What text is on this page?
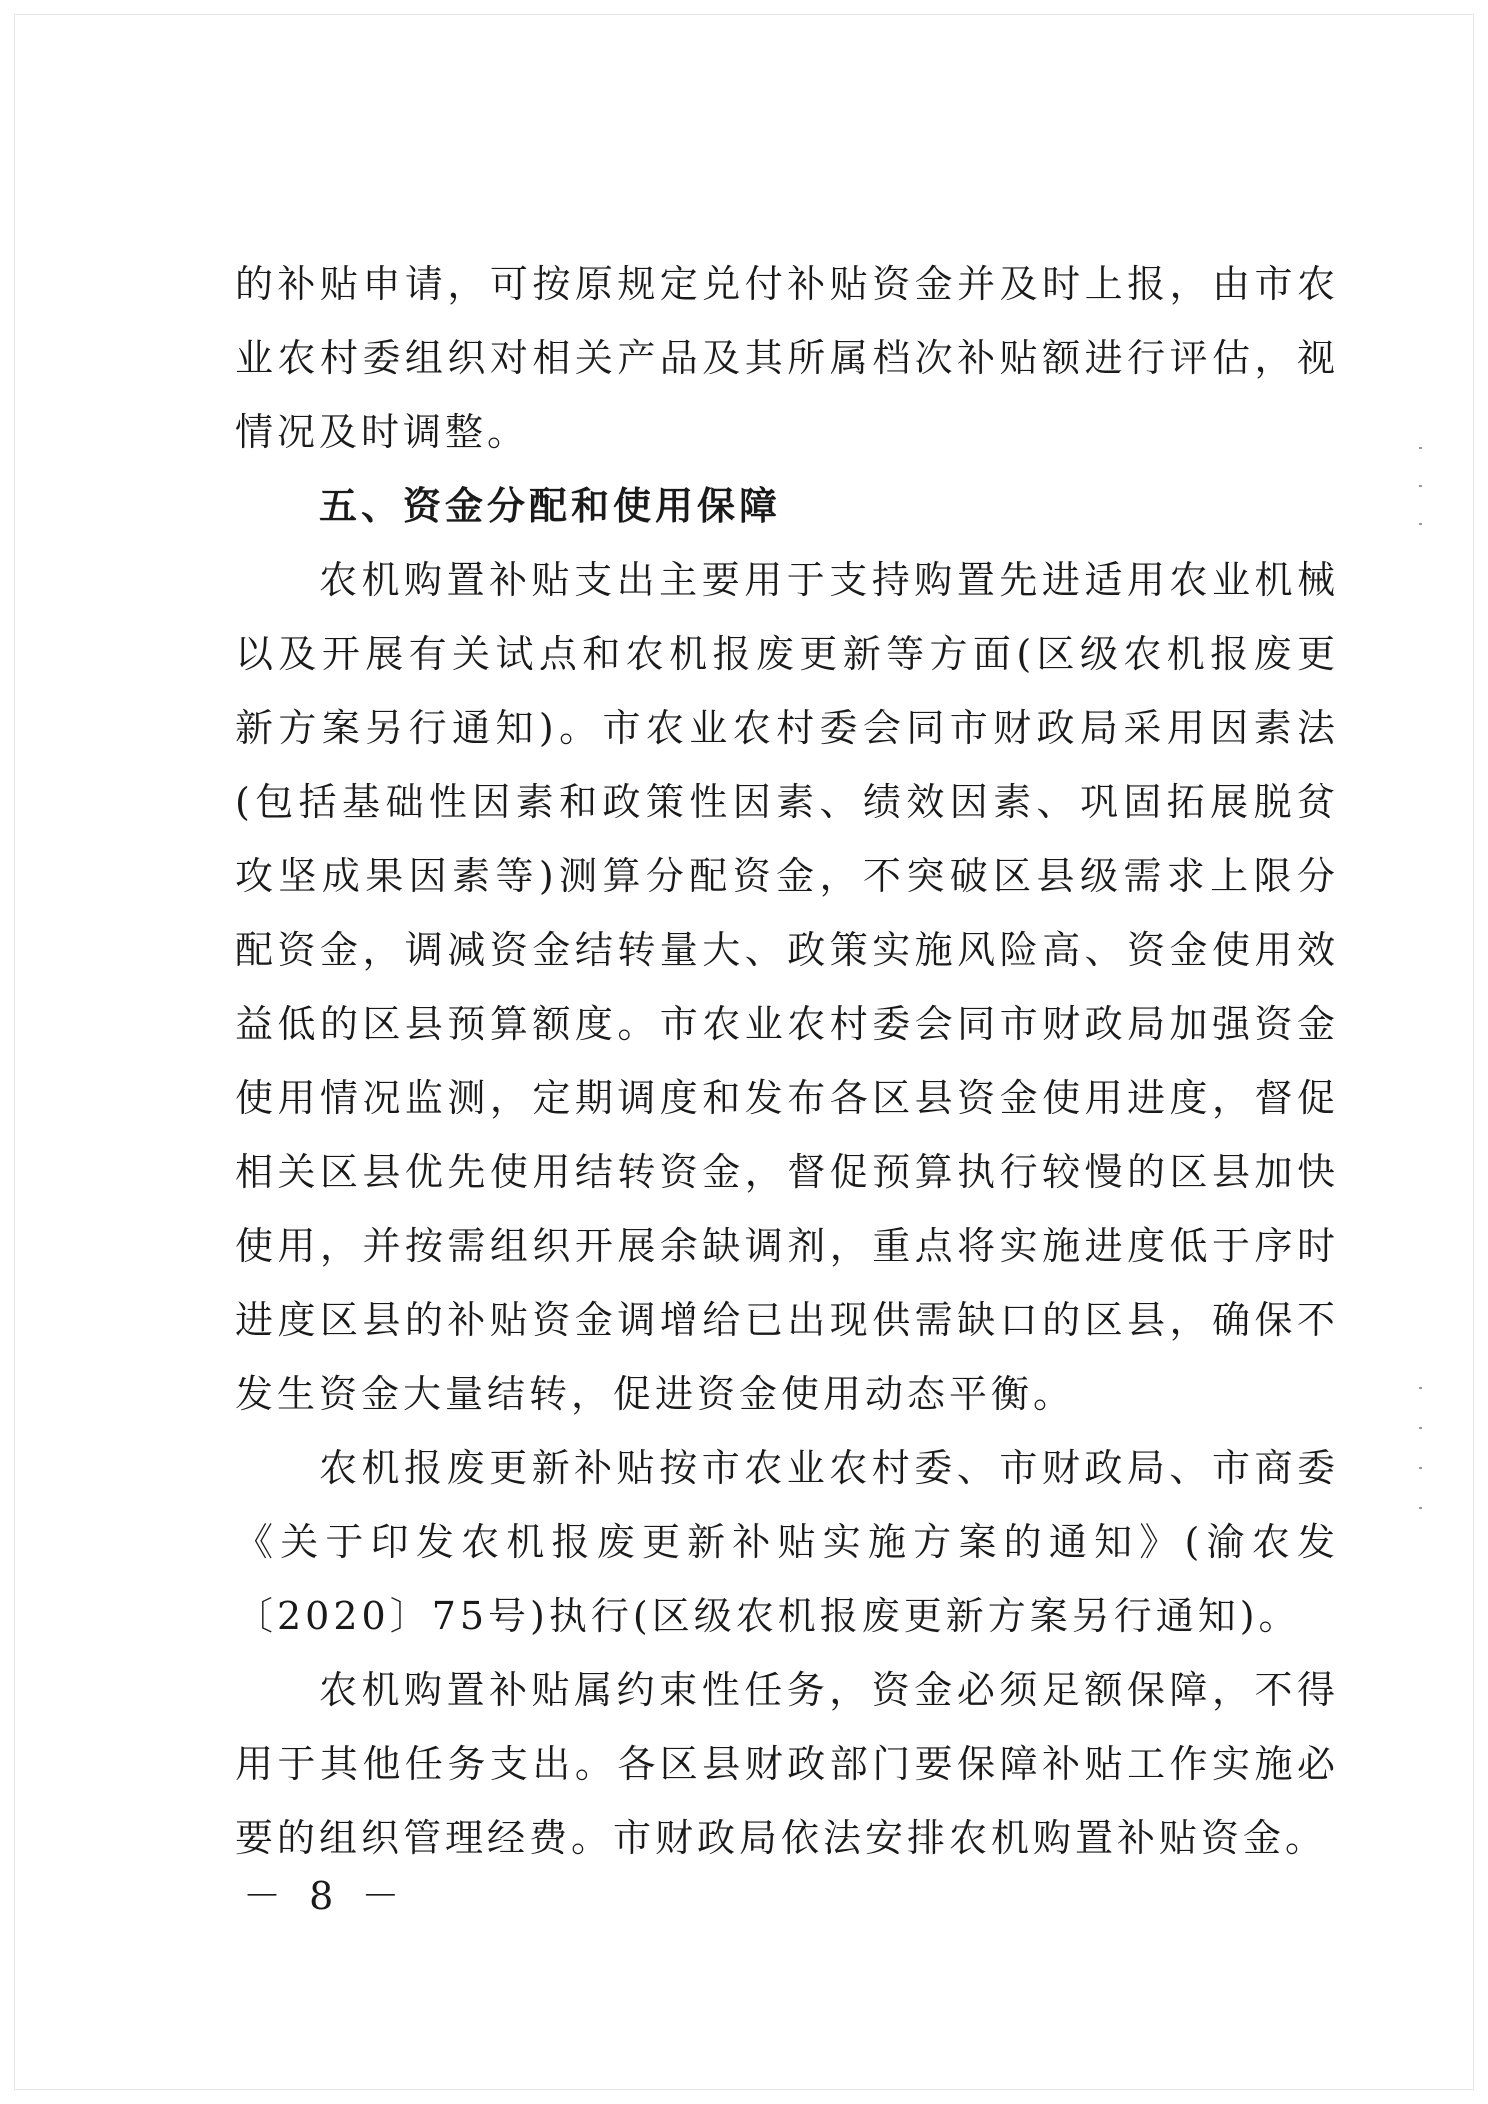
的补贴申请，可按原规定兑付补贴资金并及时上报，由市农业农村委组织对相关产品及其所属档次补贴额进行评估，视情况及时调整。

五、资金分配和使用保障

农机购置补贴支出主要用于支持购置先进适用农业机械以及开展有关试点和农机报废更新等方面(区级农机报废更新方案另行通知)。市农业农村委会同市财政局采用因素法(包括基础性因素和政策性因素、绩效因素、巩固拓展脱贫攻坚成果因素等)测算分配资金，不突破区县级需求上限分配资金，调减资金结转量大、政策实施风险高、资金使用效益低的区县预算额度。市农业农村委会同市财政局加强资金使用情况监测，定期调度和发布各区县资金使用进度，督促相关区县优先使用结转资金，督促预算执行较慢的区县加快使用，并按需组织开展余缺调剂，重点将实施进度低于序时进度区县的补贴资金调增给已出现供需缺口的区县，确保不发生资金大量结转，促进资金使用动态平衡。

农机报废更新补贴按市农业农村委、市财政局、市商委《关于印发农机报废更新补贴实施方案的通知》(渝农发〔2020〕75号)执行(区级农机报废更新方案另行通知)。

农机购置补贴属约束性任务，资金必须足额保障，不得用于其他任务支出。各区县财政部门要保障补贴工作实施必要的组织管理经费。市财政局依法安排农机购置补贴资金。

－ 8 －
